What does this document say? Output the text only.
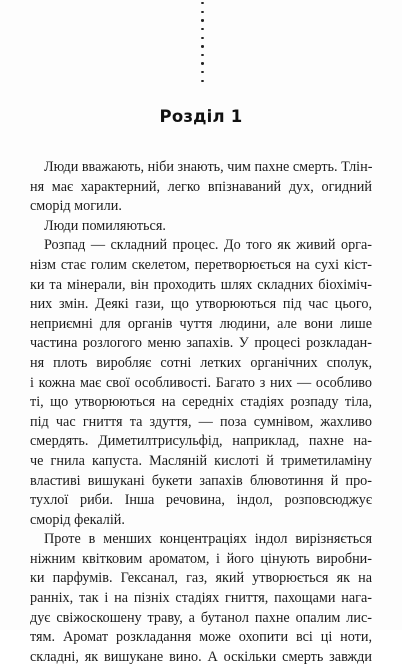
Розділ 1
Люди вважають, ніби знають, чим пахне смерть. Тлін-
ня має характерний, легко впізнаваний дух, огидний
сморід могили.
Люди помиляються.
Розпад — складний процес. До того як живий орга-
нізм стає голим скелетом, перетворюється на сухі кіст-
ки та мінерали, він проходить шлях складних біохіміч-
них змін. Деякі гази, що утворюються під час цього,
неприємні для органів чуття людини, але вони лише
частина розлогого меню запахів. У процесі розкладан-
ня плоть виробляє сотні летких органічних сполук,
і кожна має свої особливості. Багато з них — особливо
ті, що утворюються на середніх стадіях розпаду тіла,
під час гниття та здуття, — поза сумнівом, жахливо
смердять. Диметилтрисульфід, наприклад, пахне на-
че гнила капуста. Масляній кислоті й триметиламіну
властиві вишукані букети запахів блювотиння й про-
тухлої риби. Інша речовина, індол, розповсюджує
сморід фекалій.
Проте в менших концентраціях індол вирізняється
ніжним квітковим ароматом, і його цінують виробни-
ки парфумів. Гексанал, газ, який утворюється як на
ранніх, так і на пізніх стадіях гниття, пахощами нага-
дує свіжоскошену траву, а бутанол пахне опалим лис-
тям. Аромат розкладання може охопити всі ці ноти,
складні, як вишукане вино. А оскільки смерть завжди
